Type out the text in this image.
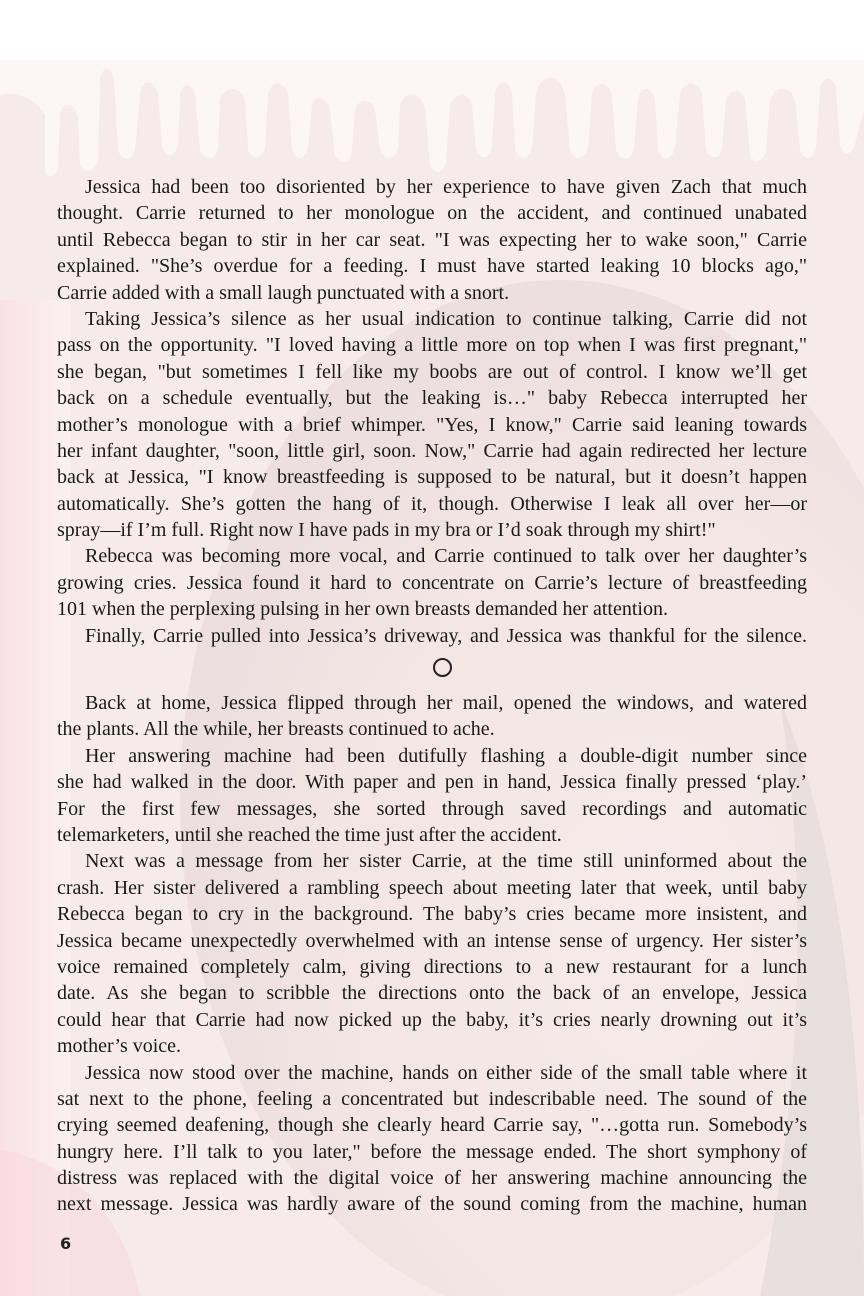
Jessica had been too disoriented by her experience to have given Zach that much
thought. Carrie returned to her monologue on the accident, and continued unabated
until Rebecca began to stir in her car seat. "I was expecting her to wake soon," Carrie
explained. "She’s overdue for a feeding. I must have started leaking 10 blocks ago,"
Carrie added with a small laugh punctuated with a snort.
Taking Jessica’s silence as her usual indication to continue talking, Carrie did not
pass on the opportunity. "I loved having a little more on top when I was first pregnant,"
she began, "but sometimes I fell like my boobs are out of control. I know we’ll get
back on a schedule eventually, but the leaking is…" baby Rebecca interrupted her
mother’s monologue with a brief whimper. "Yes, I know," Carrie said leaning towards
her infant daughter, "soon, little girl, soon. Now," Carrie had again redirected her lecture
back at Jessica, "I know breastfeeding is supposed to be natural, but it doesn’t happen
automatically. She’s gotten the hang of it, though. Otherwise I leak all over her—or
spray—if I’m full. Right now I have pads in my bra or I’d soak through my shirt!"
Rebecca was becoming more vocal, and Carrie continued to talk over her daughter’s
growing cries. Jessica found it hard to concentrate on Carrie’s lecture of breastfeeding
101 when the perplexing pulsing in her own breasts demanded her attention.
Finally, Carrie pulled into Jessica’s driveway, and Jessica was thankful for the silence.
Back at home, Jessica flipped through her mail, opened the windows, and watered
the plants. All the while, her breasts continued to ache.
Her answering machine had been dutifully flashing a double-digit number since
she had walked in the door. With paper and pen in hand, Jessica finally pressed ‘play.’
For the first few messages, she sorted through saved recordings and automatic
telemarketers, until she reached the time just after the accident.
Next was a message from her sister Carrie, at the time still uninformed about the
crash. Her sister delivered a rambling speech about meeting later that week, until baby
Rebecca began to cry in the background. The baby’s cries became more insistent, and
Jessica became unexpectedly overwhelmed with an intense sense of urgency. Her sister’s
voice remained completely calm, giving directions to a new restaurant for a lunch
date. As she began to scribble the directions onto the back of an envelope, Jessica
could hear that Carrie had now picked up the baby, it’s cries nearly drowning out it’s
mother’s voice.
Jessica now stood over the machine, hands on either side of the small table where it
sat next to the phone, feeling a concentrated but indescribable need. The sound of the
crying seemed deafening, though she clearly heard Carrie say, "…gotta run. Somebody’s
hungry here. I’ll talk to you later," before the message ended. The short symphony of
distress was replaced with the digital voice of her answering machine announcing the
next message. Jessica was hardly aware of the sound coming from the machine, human
6
